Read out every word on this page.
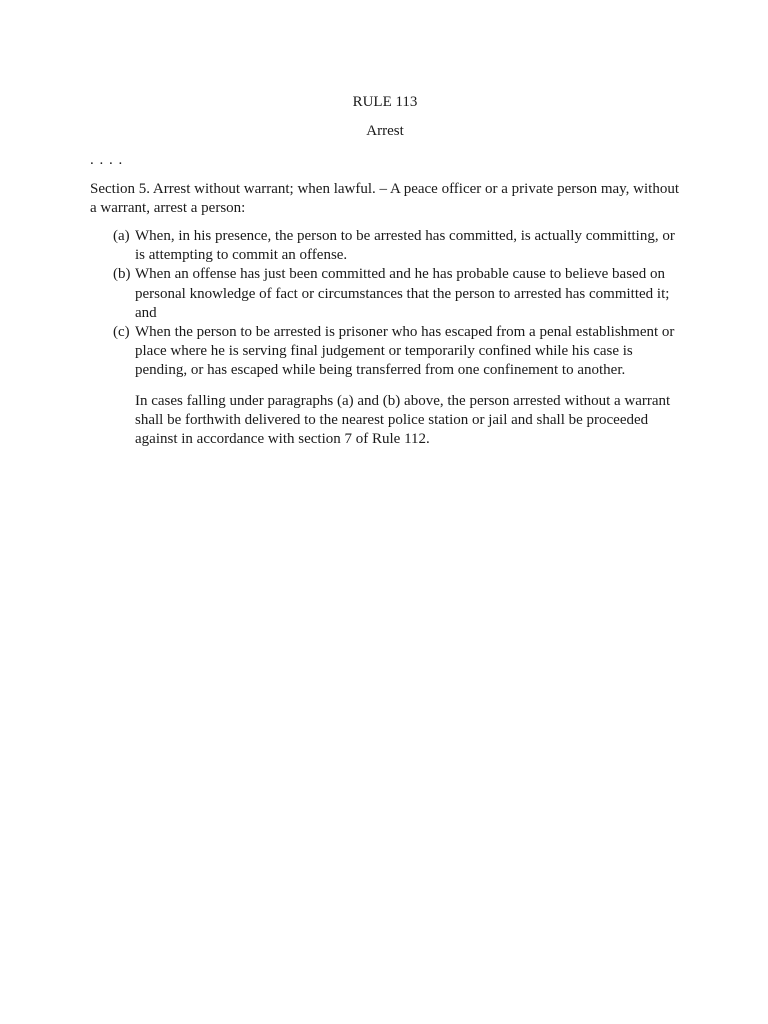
RULE 113

Arrest

. . . .

Section 5. Arrest without warrant; when lawful. – A peace officer or a private person may, without a warrant, arrest a person:

(a) When, in his presence, the person to be arrested has committed, is actually committing, or is attempting to commit an offense.
(b) When an offense has just been committed and he has probable cause to believe based on personal knowledge of fact or circumstances that the person to arrested has committed it; and
(c) When the person to be arrested is prisoner who has escaped from a penal establishment or place where he is serving final judgement or temporarily confined while his case is pending, or has escaped while being transferred from one confinement to another.

In cases falling under paragraphs (a) and (b) above, the person arrested without a warrant shall be forthwith delivered to the nearest police station or jail and shall be proceeded against in accordance with section 7 of Rule 112.
